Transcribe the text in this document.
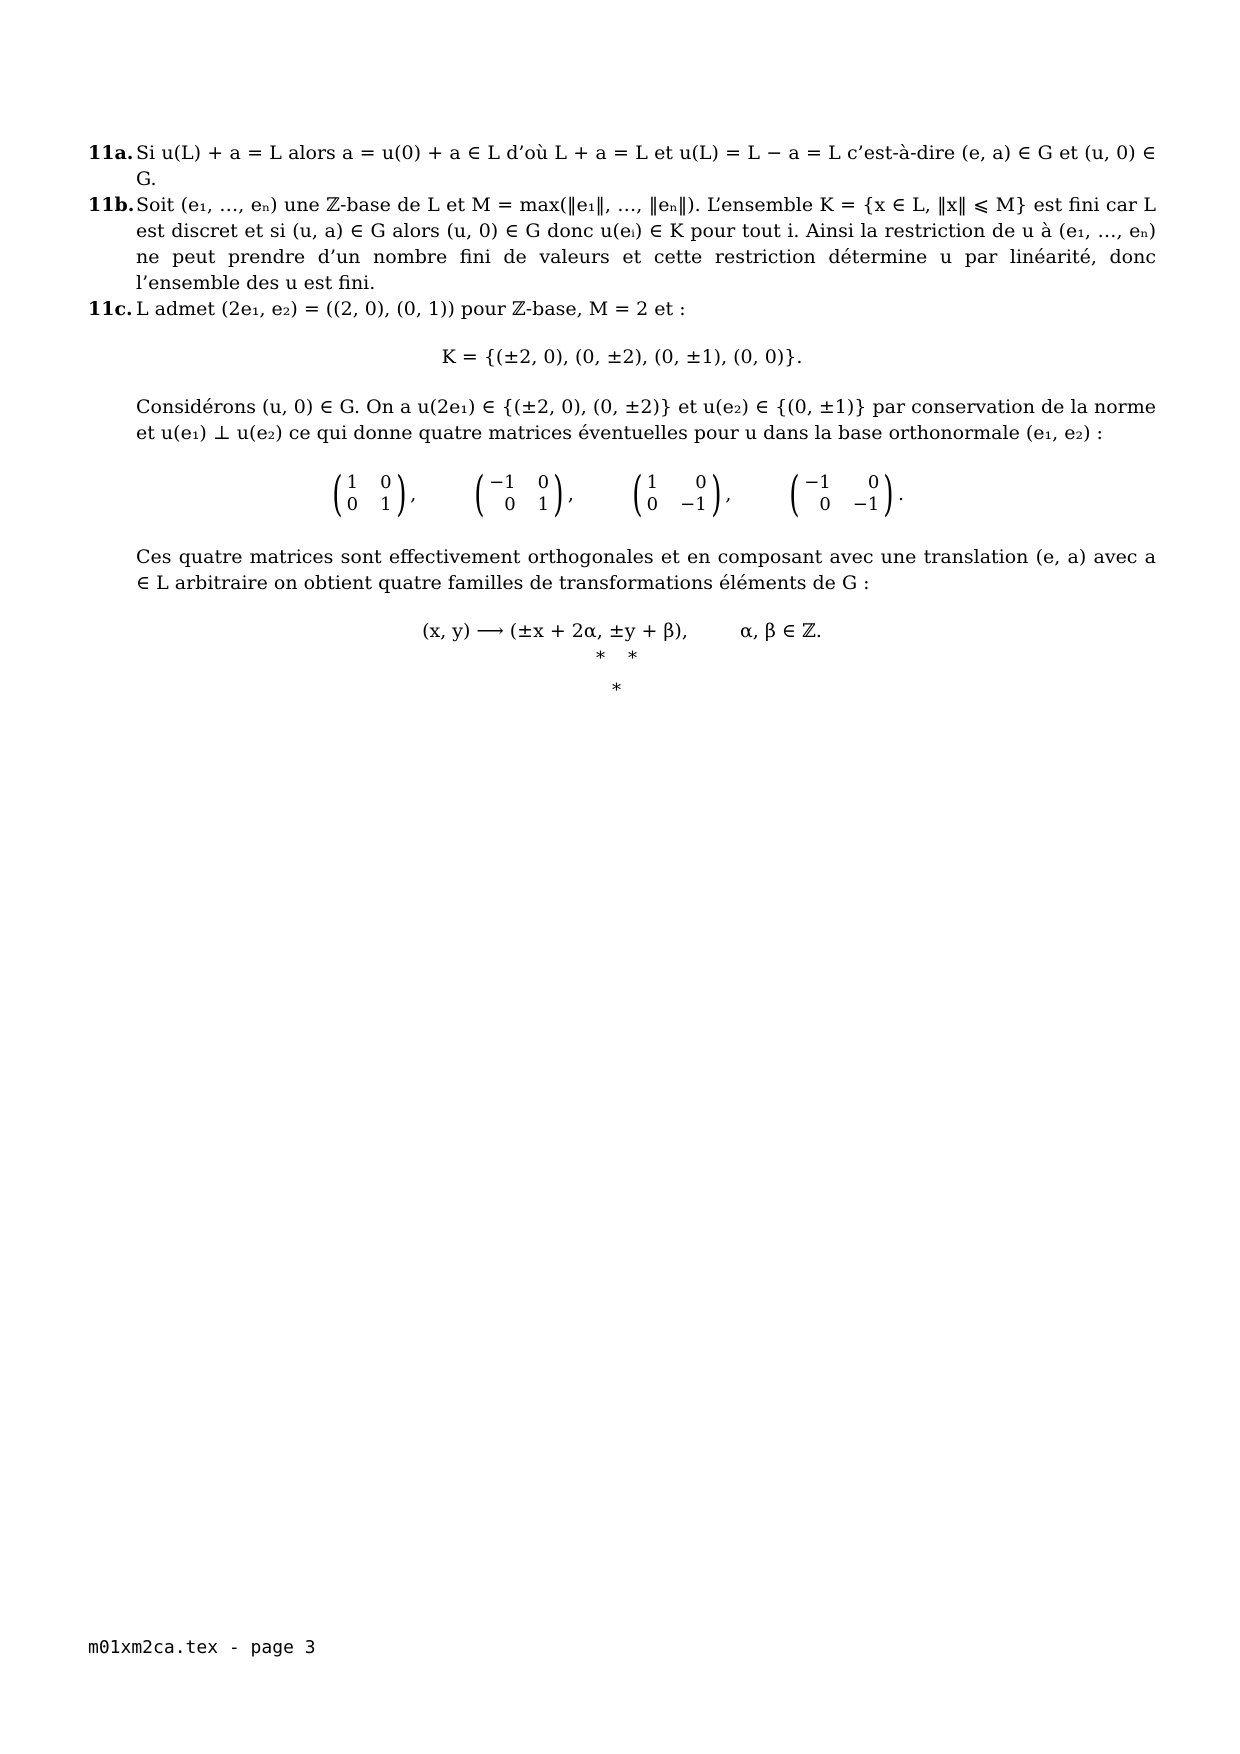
11a. Si u(L) + a = L alors a = u(0) + a ∈ L d’où L + a = L et u(L) = L − a = L c’est-à-dire (e, a) ∈ G et (u, 0) ∈ G.
11b. Soit (e₁, …, eₙ) une ℤ-base de L et M = max(‖e₁‖, …, ‖eₙ‖). L’ensemble K = {x ∈ L, ‖x‖ ⩽ M} est fini car L est discret et si (u, a) ∈ G alors (u, 0) ∈ G donc u(eᵢ) ∈ K pour tout i. Ainsi la restriction de u à (e₁, …, eₙ) ne peut prendre d’un nombre fini de valeurs et cette restriction détermine u par linéarité, donc l’ensemble des u est fini.
11c. L admet (2e₁, e₂) = ((2, 0), (0, 1)) pour ℤ-base, M = 2 et :
K = {(±2, 0), (0, ±2), (0, ±1), (0, 0)}.
Considérons (u, 0) ∈ G. On a u(2e₁) ∈ {(±2, 0), (0, ±2)} et u(e₂) ∈ {(0, ±1)} par conservation de la norme et u(e₁) ⊥ u(e₂) ce qui donne quatre matrices éventuelles pour u dans la base orthonormale (e₁, e₂) :
( 1 0
0 1 ) ,
( −1 0
0 1 ) ,
( 1	0
0 −1 ) ,
( −1	0
0 −1 ) .
Ces quatre matrices sont effectivement orthogonales et en composant avec une translation (e, a) avec a ∈ L arbitraire on obtient quatre familles de transformations éléments de G :
(x, y) ⟶ (±x + 2α, ±y + β),	α, β ∈ ℤ.
* *
*
m01xm2ca.tex - page 3
